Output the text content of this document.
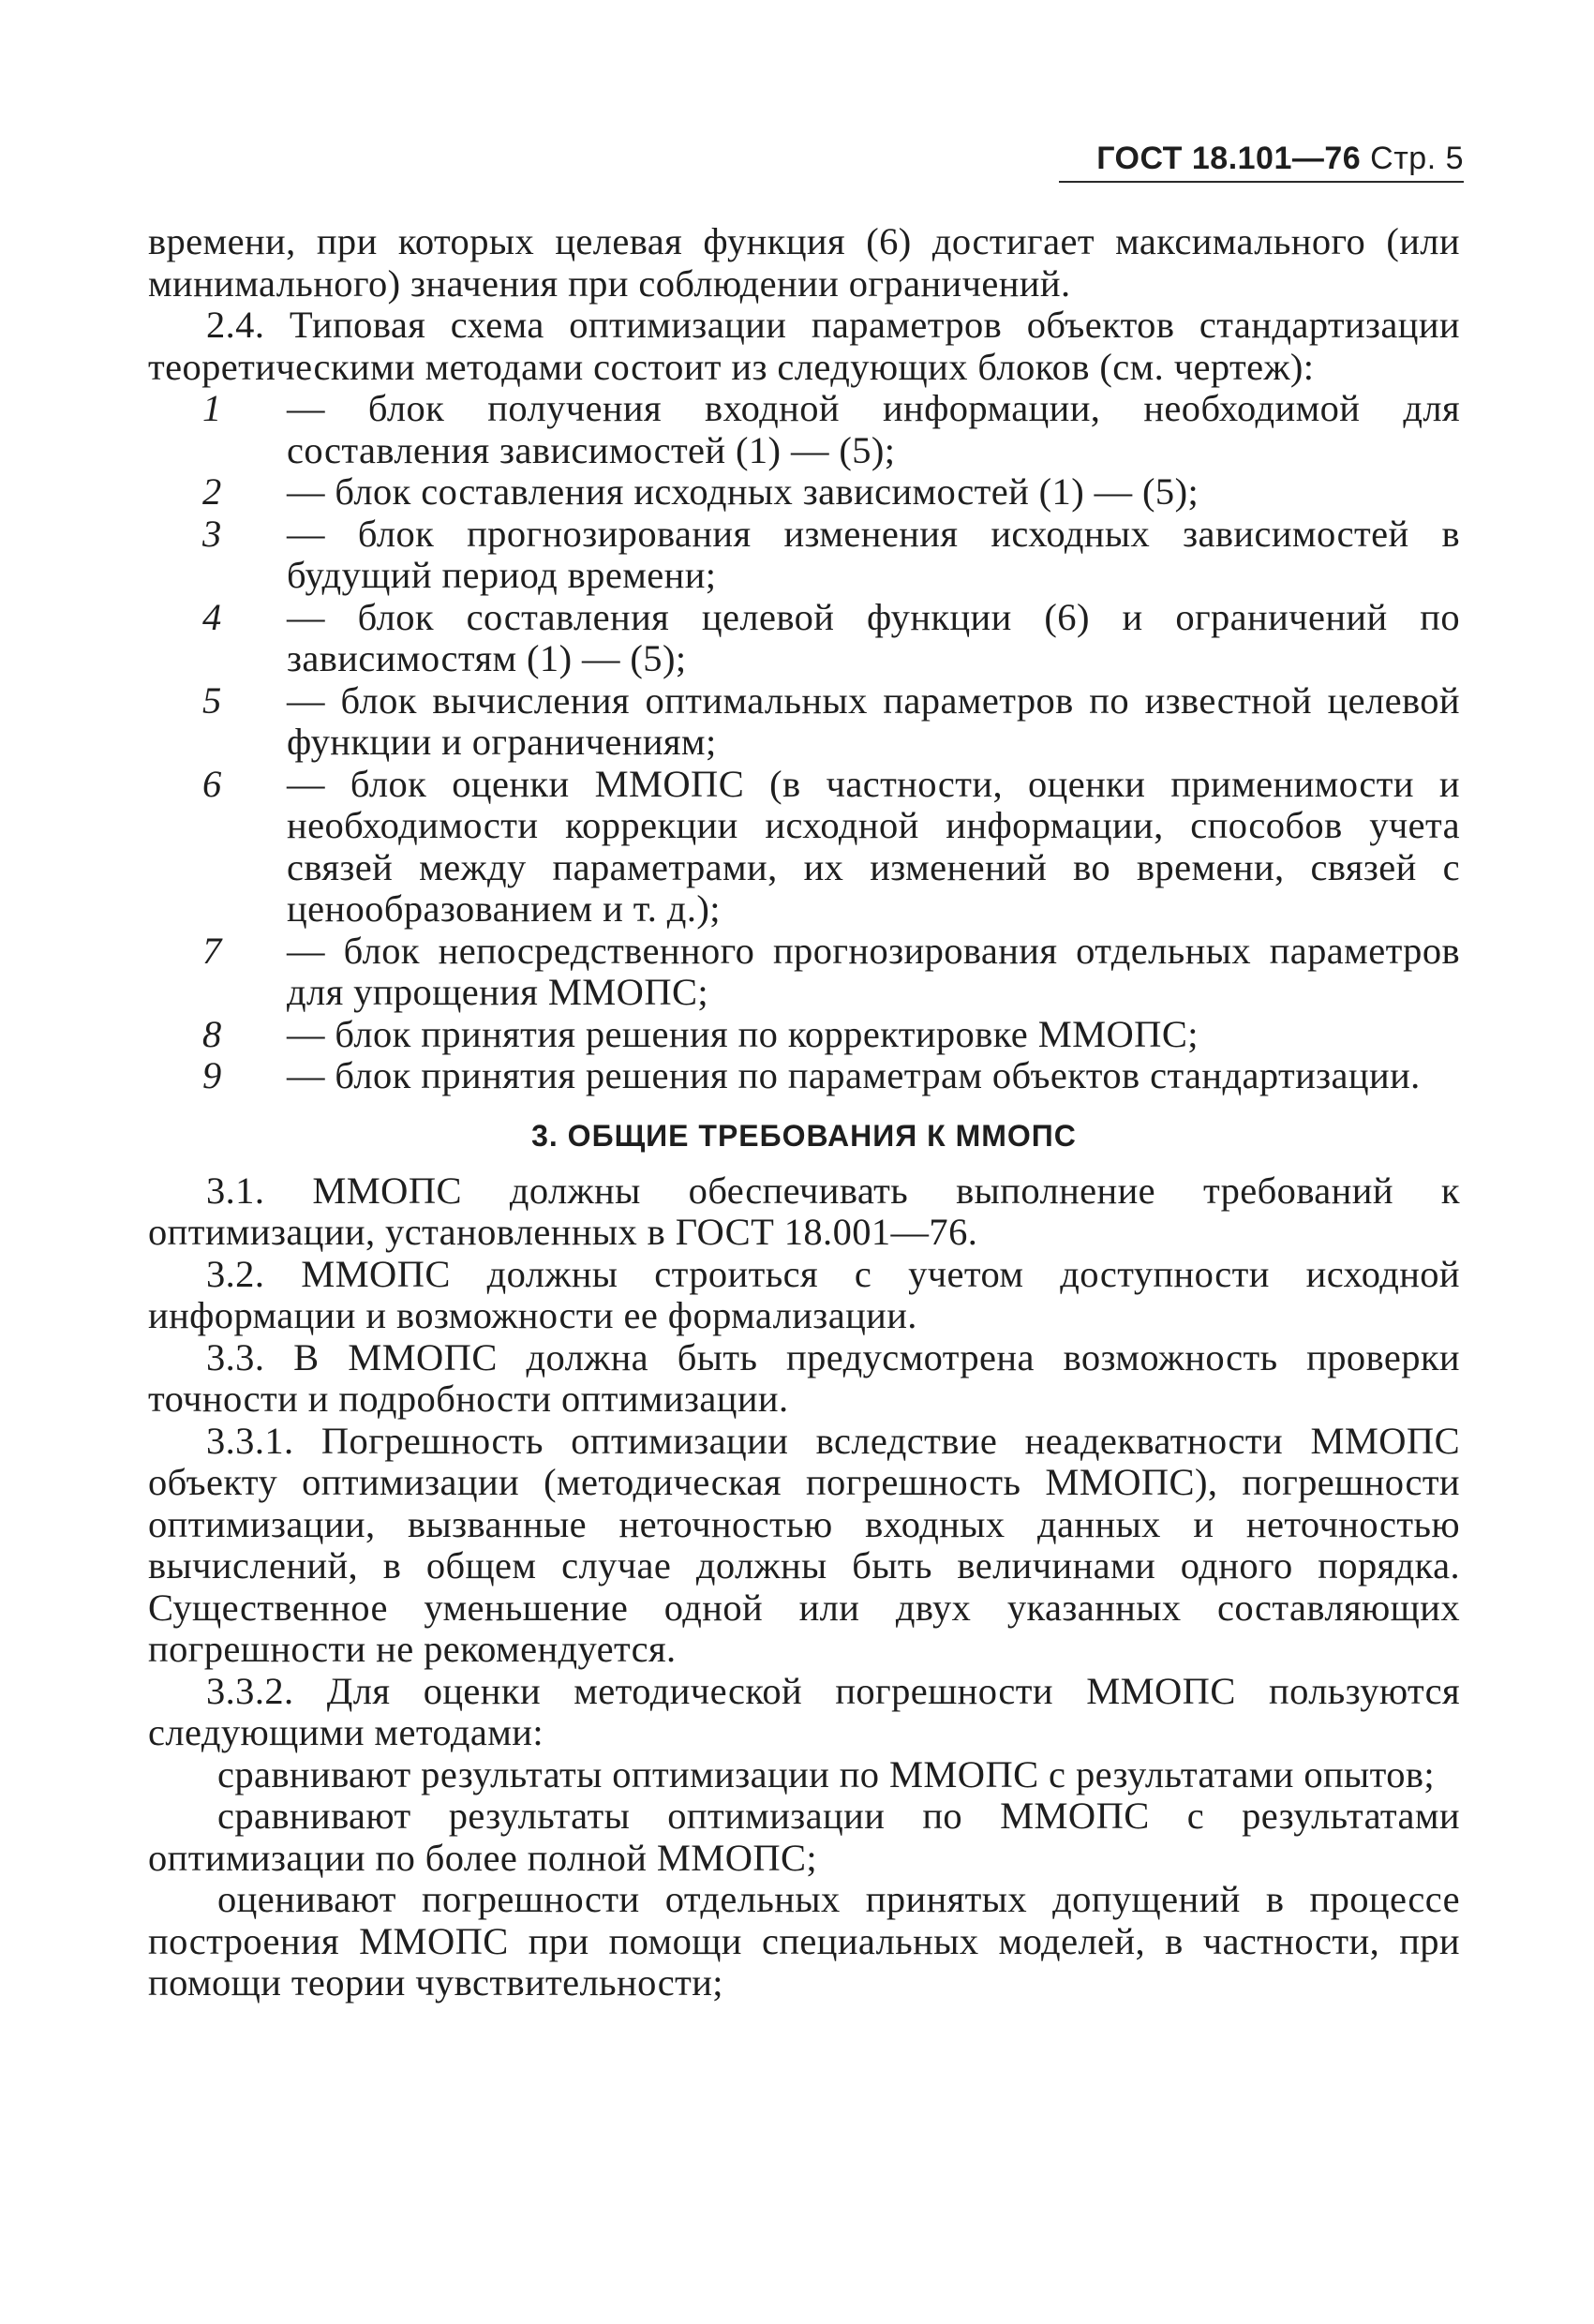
ГОСТ 18.101—76 Стр. 5

времени, при которых целевая функция (6) достигает максимального (или минимального) значения при соблюдении ограничений.

2.4. Типовая схема оптимизации параметров объектов стандартизации теоретическими методами состоит из следующих блоков (см. чертеж):

1 — блок получения входной информации, необходимой для составления зависимостей (1) — (5);

2 — блок составления исходных зависимостей (1) — (5);

3 — блок прогнозирования изменения исходных зависимостей в будущий период времени;

4 — блок составления целевой функции (6) и ограничений по зависимостям (1) — (5);

5 — блок вычисления оптимальных параметров по известной целевой функции и ограничениям;

6 — блок оценки ММОПС (в частности, оценки применимости и необходимости коррекции исходной информации, способов учета связей между параметрами, их изменений во времени, связей с ценообразованием и т. д.);

7 — блок непосредственного прогнозирования отдельных параметров для упрощения ММОПС;

8 — блок принятия решения по корректировке ММОПС;

9 — блок принятия решения по параметрам объектов стандартизации.

3. ОБЩИЕ ТРЕБОВАНИЯ К ММОПС

3.1. ММОПС должны обеспечивать выполнение требований к оптимизации, установленных в ГОСТ 18.001—76.

3.2. ММОПС должны строиться с учетом доступности исходной информации и возможности ее формализации.

3.3. В ММОПС должна быть предусмотрена возможность проверки точности и подробности оптимизации.

3.3.1. Погрешность оптимизации вследствие неадекватности ММОПС объекту оптимизации (методическая погрешность ММОПС), погрешности оптимизации, вызванные неточностью входных данных и неточностью вычислений, в общем случае должны быть величинами одного порядка. Существенное уменьшение одной или двух указанных составляющих погрешности не рекомендуется.

3.3.2. Для оценки методической погрешности ММОПС пользуются следующими методами:

сравнивают результаты оптимизации по ММОПС с результатами опытов;

сравнивают результаты оптимизации по ММОПС с результатами оптимизации по более полной ММОПС;

оценивают погрешности отдельных принятых допущений в процессе построения ММОПС при помощи специальных моделей, в частности, при помощи теории чувствительности;
